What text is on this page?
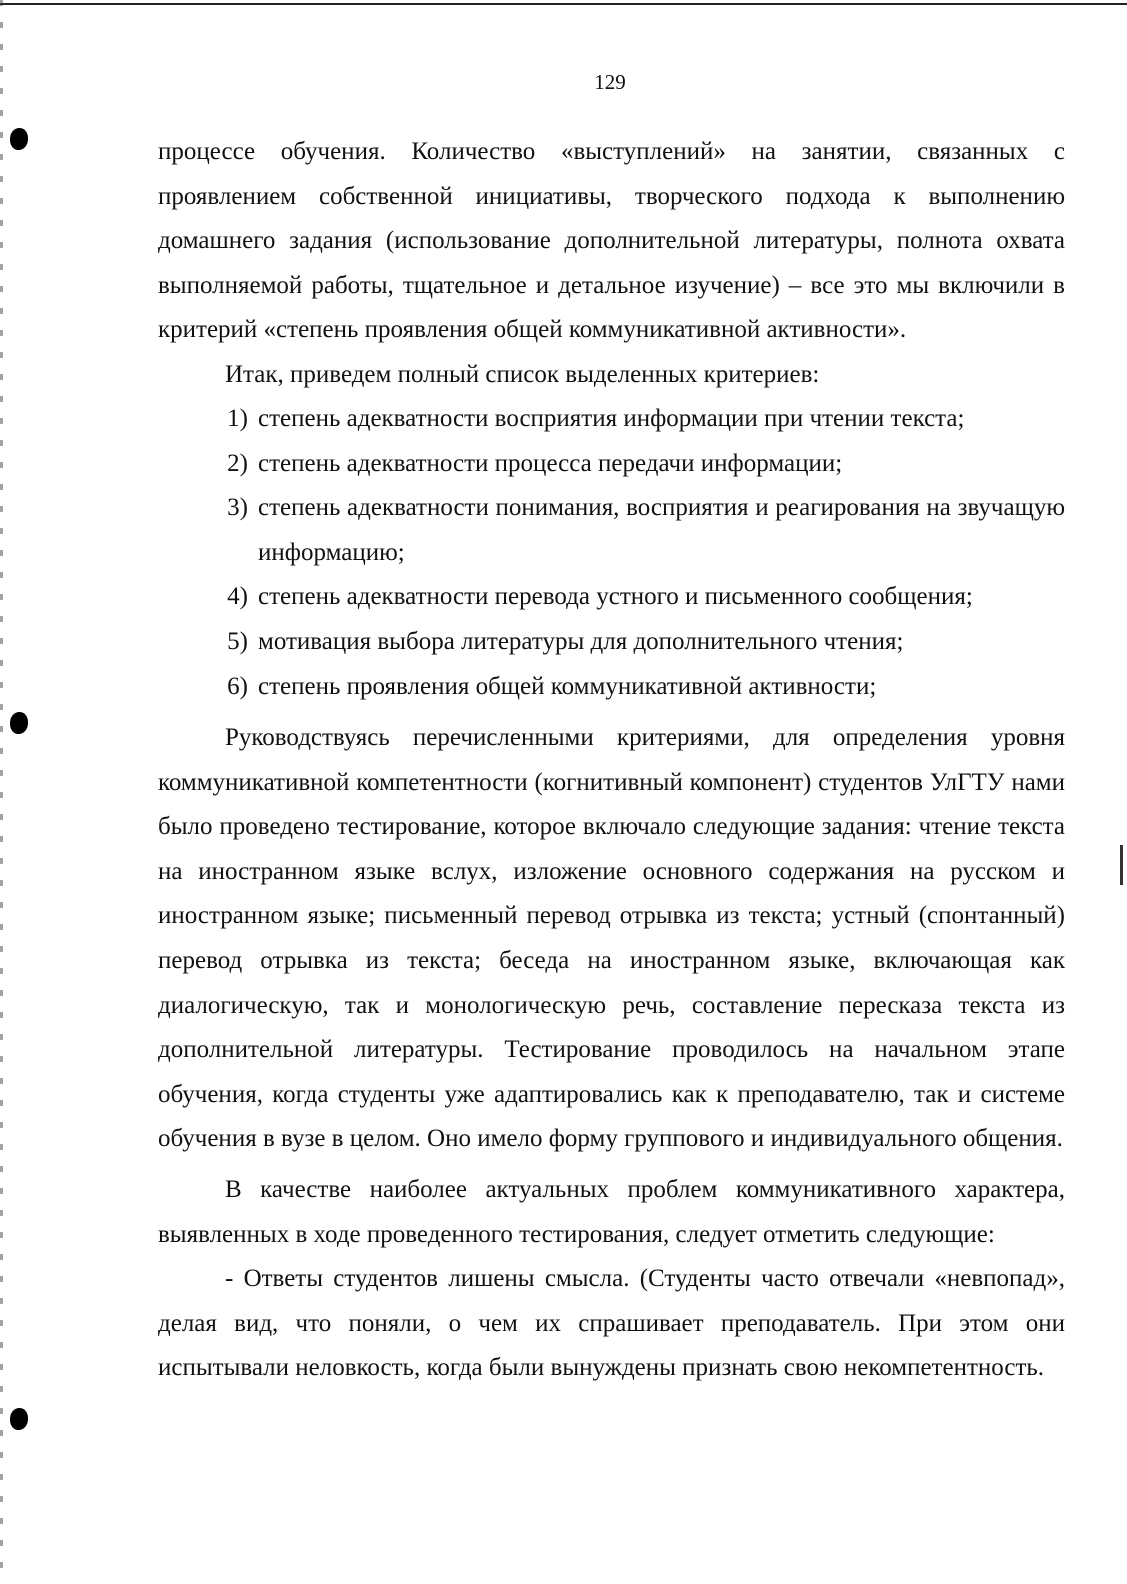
129

процессе обучения. Количество «выступлений» на занятии, связанных с проявлением собственной инициативы, творческого подхода к выполнению домашнего задания (использование дополнительной литературы, полнота охвата выполняемой работы, тщательное и детальное изучение) – все это мы включили в критерий «степень проявления общей коммуникативной активности».

Итак, приведем полный список выделенных критериев:

1) степень адекватности восприятия информации при чтении текста;
2) степень адекватности процесса передачи информации;
3) степень адекватности понимания, восприятия и реагирования на звучащую информацию;
4) степень адекватности перевода устного и письменного сообщения;
5) мотивация выбора литературы для дополнительного чтения;
6) степень проявления общей коммуникативной активности;

Руководствуясь перечисленными критериями, для определения уровня коммуникативной компетентности (когнитивный компонент) студентов УлГТУ нами было проведено тестирование, которое включало следующие задания: чтение текста на иностранном языке вслух, изложение основного содержания на русском и иностранном языке; письменный перевод отрывка из текста; устный (спонтанный) перевод отрывка из текста; беседа на иностранном языке, включающая как диалогическую, так и монологическую речь, составление пересказа текста из дополнительной литературы. Тестирование проводилось на начальном этапе обучения, когда студенты уже адаптировались как к преподавателю, так и системе обучения в вузе в целом. Оно имело форму группового и индивидуального общения.

В качестве наиболее актуальных проблем коммуникативного характера, выявленных в ходе проведенного тестирования, следует отметить следующие:

- Ответы студентов лишены смысла. (Студенты часто отвечали «невпопад», делая вид, что поняли, о чем их спрашивает преподаватель. При этом они испытывали неловкость, когда были вынуждены признать свою некомпетентность.
